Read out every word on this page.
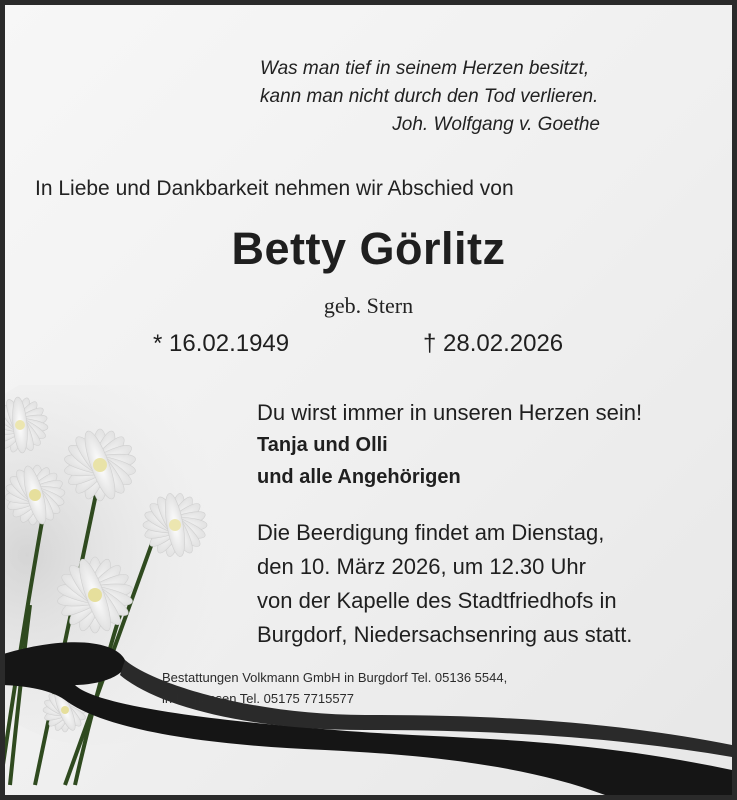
Was man tief in seinem Herzen besitzt,
kann man nicht durch den Tod verlieren.
Joh. Wolfgang v. Goethe
In Liebe und Dankbarkeit nehmen wir Abschied von
Betty Görlitz
geb. Stern
* 16.02.1949	† 28.02.2026
Du wirst immer in unseren Herzen sein!
Tanja und Olli
und alle Angehörigen
Die Beerdigung findet am Dienstag,
den 10. März 2026, um 12.30 Uhr
von der Kapelle des Stadtfriedhofs in
Burgdorf, Niedersachsenring aus statt.
Bestattungen Volkmann GmbH in Burgdorf Tel. 05136 5544,
in Immensen Tel. 05175 7715577
